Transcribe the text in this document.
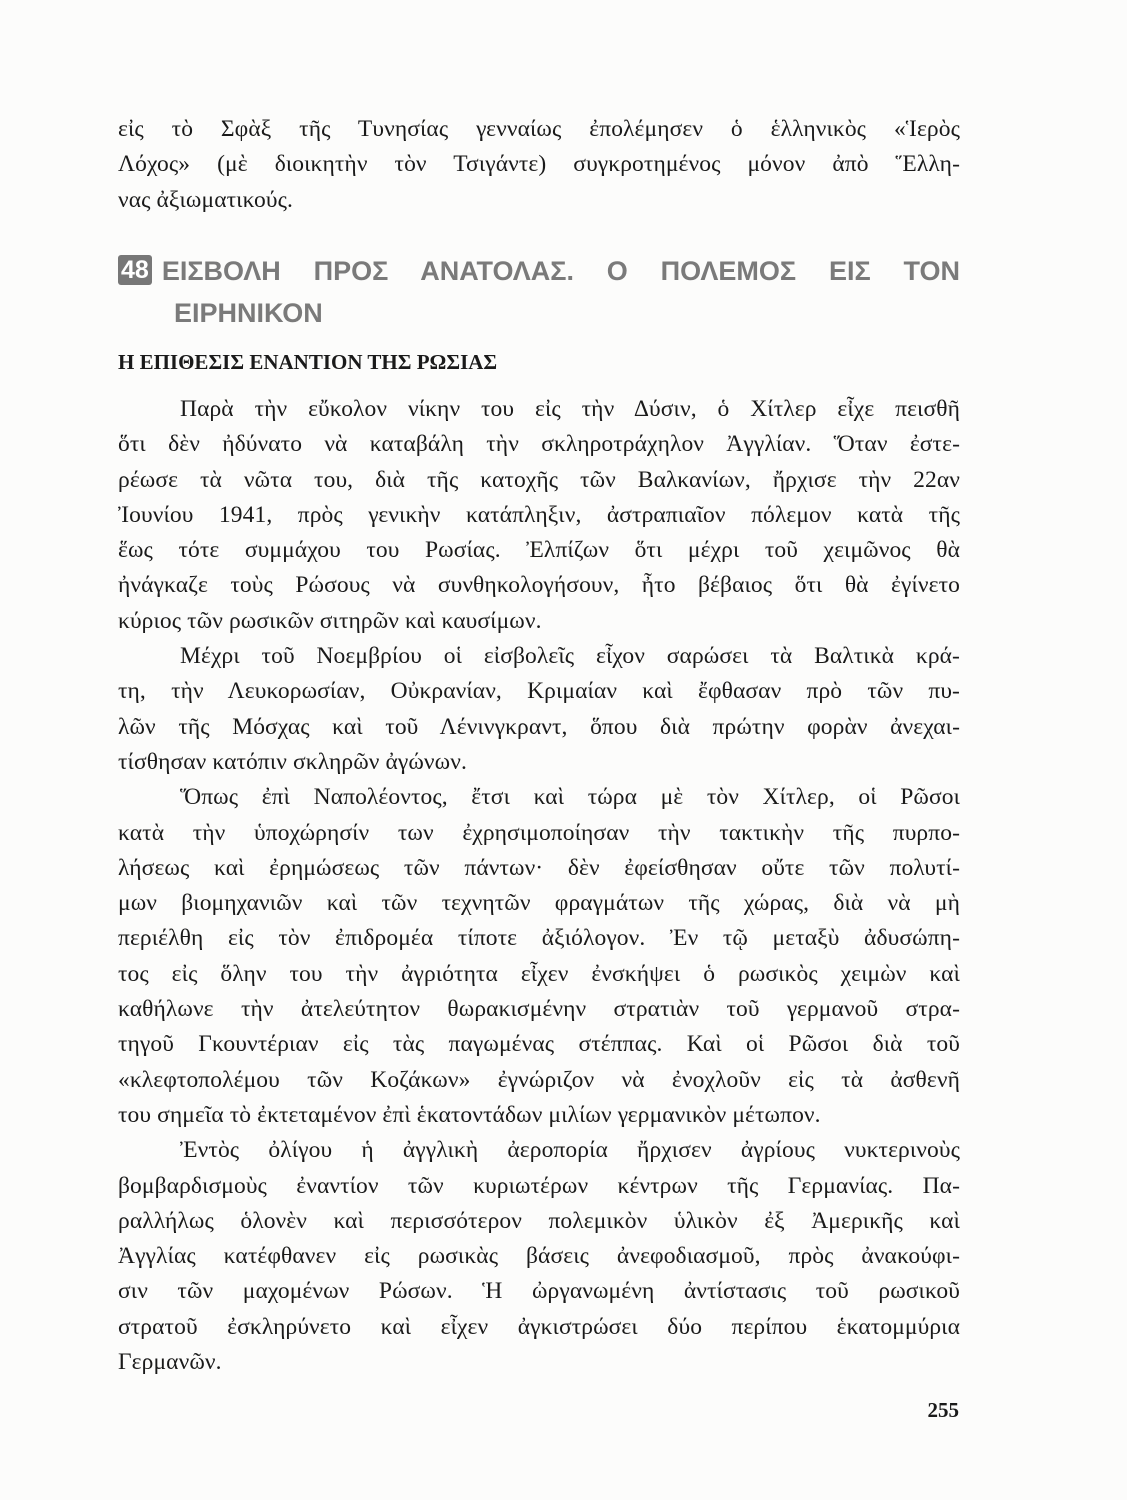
εἰς τὸ Σφὰξ τῆς Τυνησίας γενναίως ἐπολέμησεν ὁ ἑλληνικὸς «Ἱερὸς
Λόχος» (μὲ διοικητὴν τὸν Τσιγάντε) συγκροτημένος μόνον ἀπὸ Ἕλλη-
νας ἀξιωματικούς.
48 ΕΙΣΒΟΛΗ ΠΡΟΣ ΑΝΑΤΟΛΑΣ. Ο ΠΟΛΕΜΟΣ ΕΙΣ ΤΟΝ
ΕΙΡΗΝΙΚΟΝ
Η ΕΠΙΘΕΣΙΣ ΕΝΑΝΤΙΟΝ ΤΗΣ ΡΩΣΙΑΣ
Παρὰ τὴν εὔκολον νίκην του εἰς τὴν Δύσιν, ὁ Χίτλερ εἶχε πεισθῆ
ὅτι δὲν ἠδύνατο νὰ καταβάλη τὴν σκληροτράχηλον Ἀγγλίαν. Ὅταν ἐστε-
ρέωσε τὰ νῶτα του, διὰ τῆς κατοχῆς τῶν Βαλκανίων, ἤρχισε τὴν 22αν
Ἰουνίου 1941, πρὸς γενικὴν κατάπληξιν, ἀστραπιαῖον πόλεμον κατὰ τῆς
ἕως τότε συμμάχου του Ρωσίας. Ἐλπίζων ὅτι μέχρι τοῦ χειμῶνος θὰ
ἠνάγκαζε τοὺς Ρώσους νὰ συνθηκολογήσουν, ἦτο βέβαιος ὅτι θὰ ἐγίνετο
κύριος τῶν ρωσικῶν σιτηρῶν καὶ καυσίμων.
Μέχρι τοῦ Νοεμβρίου οἱ εἰσβολεῖς εἶχον σαρώσει τὰ Βαλτικὰ κρά-
τη, τὴν Λευκορωσίαν, Οὐκρανίαν, Κριμαίαν καὶ ἔφθασαν πρὸ τῶν πυ-
λῶν τῆς Μόσχας καὶ τοῦ Λένινγκραντ, ὅπου διὰ πρώτην φορὰν ἀνεχαι-
τίσθησαν κατόπιν σκληρῶν ἀγώνων.
Ὅπως ἐπὶ Ναπολέοντος, ἔτσι καὶ τώρα μὲ τὸν Χίτλερ, οἱ Ρῶσοι
κατὰ τὴν ὑποχώρησίν των ἐχρησιμοποίησαν τὴν τακτικὴν τῆς πυρπο-
λήσεως καὶ ἐρημώσεως τῶν πάντων· δὲν ἐφείσθησαν οὔτε τῶν πολυτί-
μων βιομηχανιῶν καὶ τῶν τεχνητῶν φραγμάτων τῆς χώρας, διὰ νὰ μὴ
περιέλθη εἰς τὸν ἐπιδρομέα τίποτε ἀξιόλογον. Ἐν τῷ μεταξὺ ἀδυσώπη-
τος εἰς ὅλην του τὴν ἀγριότητα εἶχεν ἐνσκήψει ὁ ρωσικὸς χειμὼν καὶ
καθήλωνε τὴν ἀτελεύτητον θωρακισμένην στρατιὰν τοῦ γερμανοῦ στρα-
τηγοῦ Γκουντέριαν εἰς τὰς παγωμένας στέππας. Καὶ οἱ Ρῶσοι διὰ τοῦ
«κλεφτοπολέμου τῶν Κοζάκων» ἐγνώριζον νὰ ἐνοχλοῦν εἰς τὰ ἀσθενῆ
του σημεῖα τὸ ἐκτεταμένον ἐπὶ ἑκατοντάδων μιλίων γερμανικὸν μέτωπον.
Ἐντὸς ὀλίγου ἡ ἀγγλικὴ ἀεροπορία ἤρχισεν ἀγρίους νυκτερινοὺς
βομβαρδισμοὺς ἐναντίον τῶν κυριωτέρων κέντρων τῆς Γερμανίας. Πα-
ραλλήλως ὁλονὲν καὶ περισσότερον πολεμικὸν ὑλικὸν ἐξ Ἀμερικῆς καὶ
Ἀγγλίας κατέφθανεν εἰς ρωσικὰς βάσεις ἀνεφοδιασμοῦ, πρὸς ἀνακούφι-
σιν τῶν μαχομένων Ρώσων. Ἡ ὠργανωμένη ἀντίστασις τοῦ ρωσικοῦ
στρατοῦ ἐσκληρύνετο καὶ εἶχεν ἀγκιστρώσει δύο περίπου ἑκατομμύρια
Γερμανῶν.
255
